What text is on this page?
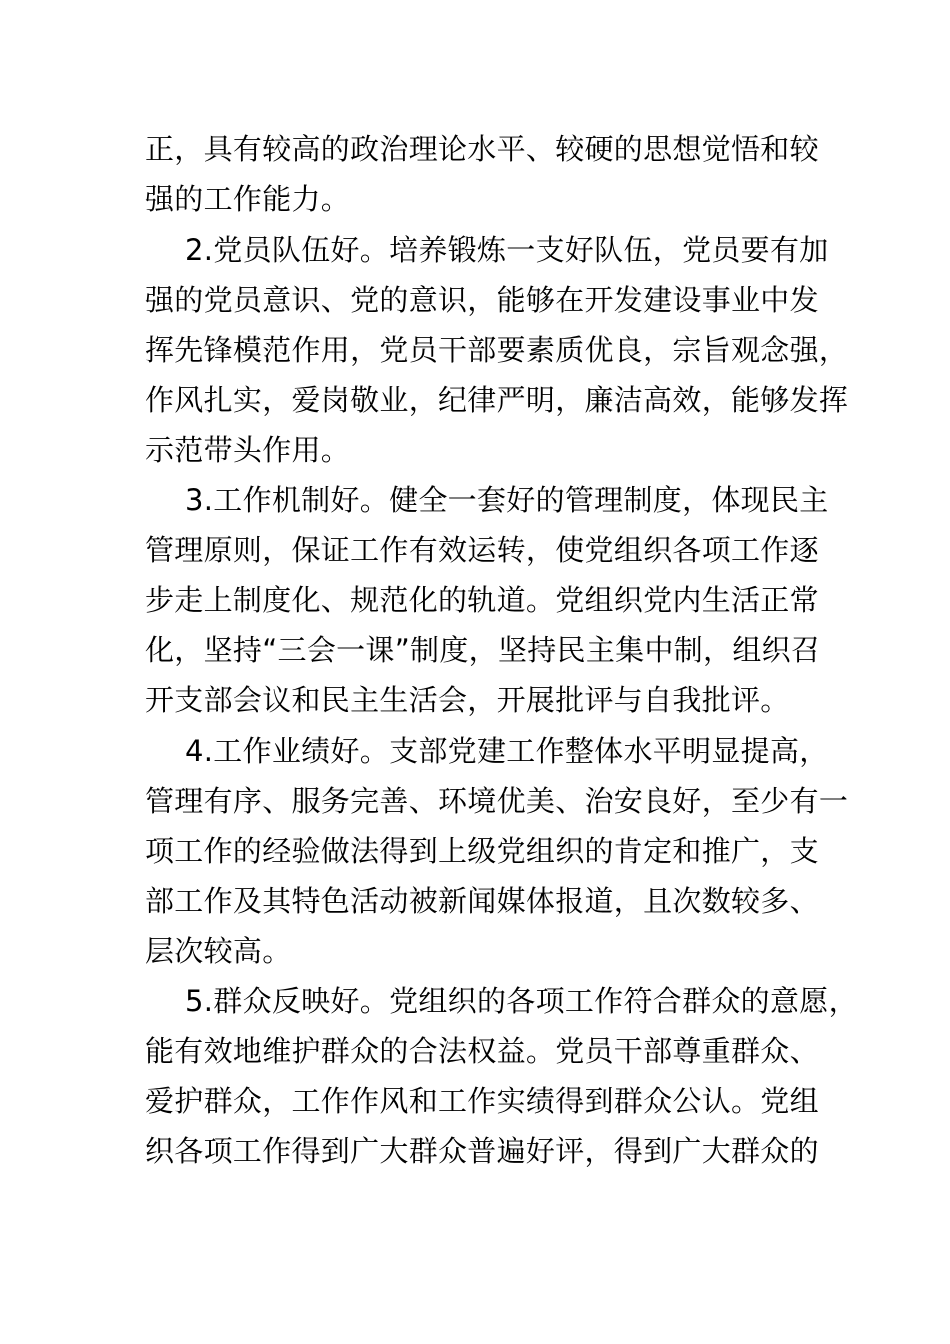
正，具有较高的政治理论水平、较硬的思想觉悟和较
强的工作能力。
2.党员队伍好。培养锻炼一支好队伍，党员要有加
强的党员意识、党的意识，能够在开发建设事业中发
挥先锋模范作用，党员干部要素质优良，宗旨观念强，
作风扎实，爱岗敬业，纪律严明，廉洁高效，能够发挥
示范带头作用。
3.工作机制好。健全一套好的管理制度，体现民主
管理原则，保证工作有效运转，使党组织各项工作逐
步走上制度化、规范化的轨道。党组织党内生活正常
化，坚持“三会一课”制度，坚持民主集中制，组织召
开支部会议和民主生活会，开展批评与自我批评。
4.工作业绩好。支部党建工作整体水平明显提高，
管理有序、服务完善、环境优美、治安良好，至少有一
项工作的经验做法得到上级党组织的肯定和推广，支
部工作及其特色活动被新闻媒体报道，且次数较多、
层次较高。
5.群众反映好。党组织的各项工作符合群众的意愿，
能有效地维护群众的合法权益。党员干部尊重群众、
爱护群众，工作作风和工作实绩得到群众公认。党组
织各项工作得到广大群众普遍好评，得到广大群众的
